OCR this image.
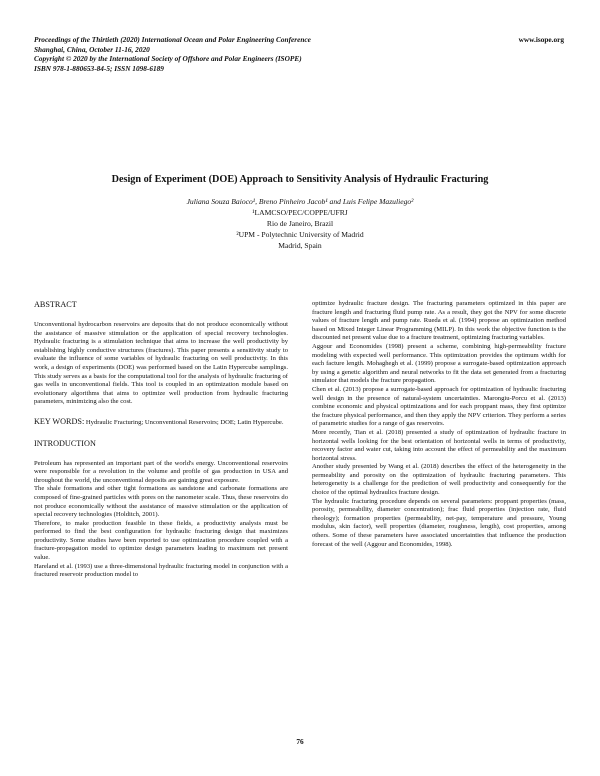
Proceedings of the Thirtieth (2020) International Ocean and Polar Engineering Conference
Shanghai, China, October 11-16, 2020
Copyright © 2020 by the International Society of Offshore and Polar Engineers (ISOPE)
ISBN 978-1-880653-84-5; ISSN 1098-6189
www.isope.org
Design of Experiment (DOE) Approach to Sensitivity Analysis of Hydraulic Fracturing
Juliana Souza Baioco¹, Breno Pinheiro Jacob¹ and Luis Felipe Mazuliego²
¹LAMCSO/PEC/COPPE/UFRJ
Rio de Janeiro, Brazil
²UPM - Polytechnic University of Madrid
Madrid, Spain

ABSTRACT

Unconventional hydrocarbon reservoirs are deposits that do not produce economically without the assistance of massive stimulation or the application of special recovery technologies. Hydraulic fracturing is a stimulation technique that aims to increase the well productivity by establishing highly conductive structures (fractures). This paper presents a sensitivity study to evaluate the influence of some variables of hydraulic fracturing on well productivity. In this work, a design of experiments (DOE) was performed based on the Latin Hypercube samplings. This study serves as a basis for the computational tool for the analysis of hydraulic fracturing of gas wells in unconventional fields. This tool is coupled in an optimization module based on evolutionary algorithms that aims to optimize well production from hydraulic fracturing parameters, minimizing also the cost.

KEY WORDS: Hydraulic Fracturing; Unconventional Reservoirs; DOE; Latin Hypercube.

INTRODUCTION

Petroleum has represented an important part of the world's energy. Unconventional reservoirs were responsible for a revolution in the volume and profile of gas production in USA and throughout the world, the unconventional deposits are gaining great exposure.

The shale formations and other tight formations as sandstone and carbonate formations are composed of fine-grained particles with pores on the nanometer scale. Thus, these reservoirs do not produce economically without the assistance of massive stimulation or the application of special recovery technologies (Holditch, 2001).

Therefore, to make production feasible in these fields, a productivity analysis must be performed to find the best configuration for hydraulic fracturing design that maximizes productivity. Some studies have been reported to use optimization procedure coupled with a fracture-propagation model to optimize design parameters leading to maximum net present value.

Hareland et al. (1993) use a three-dimensional hydraulic fracturing model in conjunction with a fractured reservoir production model to

optimize hydraulic fracture design. The fracturing parameters optimized in this paper are fracture length and fracturing fluid pump rate. As a result, they got the NPV for some discrete values of fracture length and pump rate. Rueda et al. (1994) propose an optimization method based on Mixed Integer Linear Programming (MILP). In this work the objective function is the discounted net present value due to a fracture treatment, optimizing fracturing variables.

Aggour and Economides (1998) present a scheme, combining high-permeability fracture modeling with expected well performance. This optimization provides the optimum width for each facture length. Mohaghegh et al. (1999) propose a surrogate-based optimization approach by using a genetic algorithm and neural networks to fit the data set generated from a fracturing simulator that models the fracture propagation.

Chen et al. (2013) propose a surrogate-based approach for optimization of hydraulic fracturing well design in the presence of natural-system uncertainties. Marongiu-Porcu et al. (2013) combine economic and physical optimizations and for each proppant mass, they first optimize the fracture physical performance, and then they apply the NPV criterion. They perform a series of parametric studies for a range of gas reservoirs.

More recently, Tian et al. (2018) presented a study of optimization of hydraulic fracture in horizontal wells looking for the best orientation of horizontal wells in terms of productivity, recovery factor and water cut, taking into account the effect of permeability and the maximum horizontal stress.

Another study presented by Wang et al. (2018) describes the effect of the heterogeneity in the permeability and porosity on the optimization of hydraulic fracturing parameters. This heterogeneity is a challenge for the prediction of well productivity and consequently for the choice of the optimal hydraulics fracture design.

The hydraulic fracturing procedure depends on several parameters: proppant properties (mass, porosity, permeability, diameter concentration); frac fluid properties (injection rate, fluid rheology); formation properties (permeability, net-pay, temperature and pressure, Young modulus, skin factor), well properties (diameter, roughness, length), cost properties, among others. Some of these parameters have associated uncertainties that influence the production forecast of the well (Aggour and Economides, 1998).

76
